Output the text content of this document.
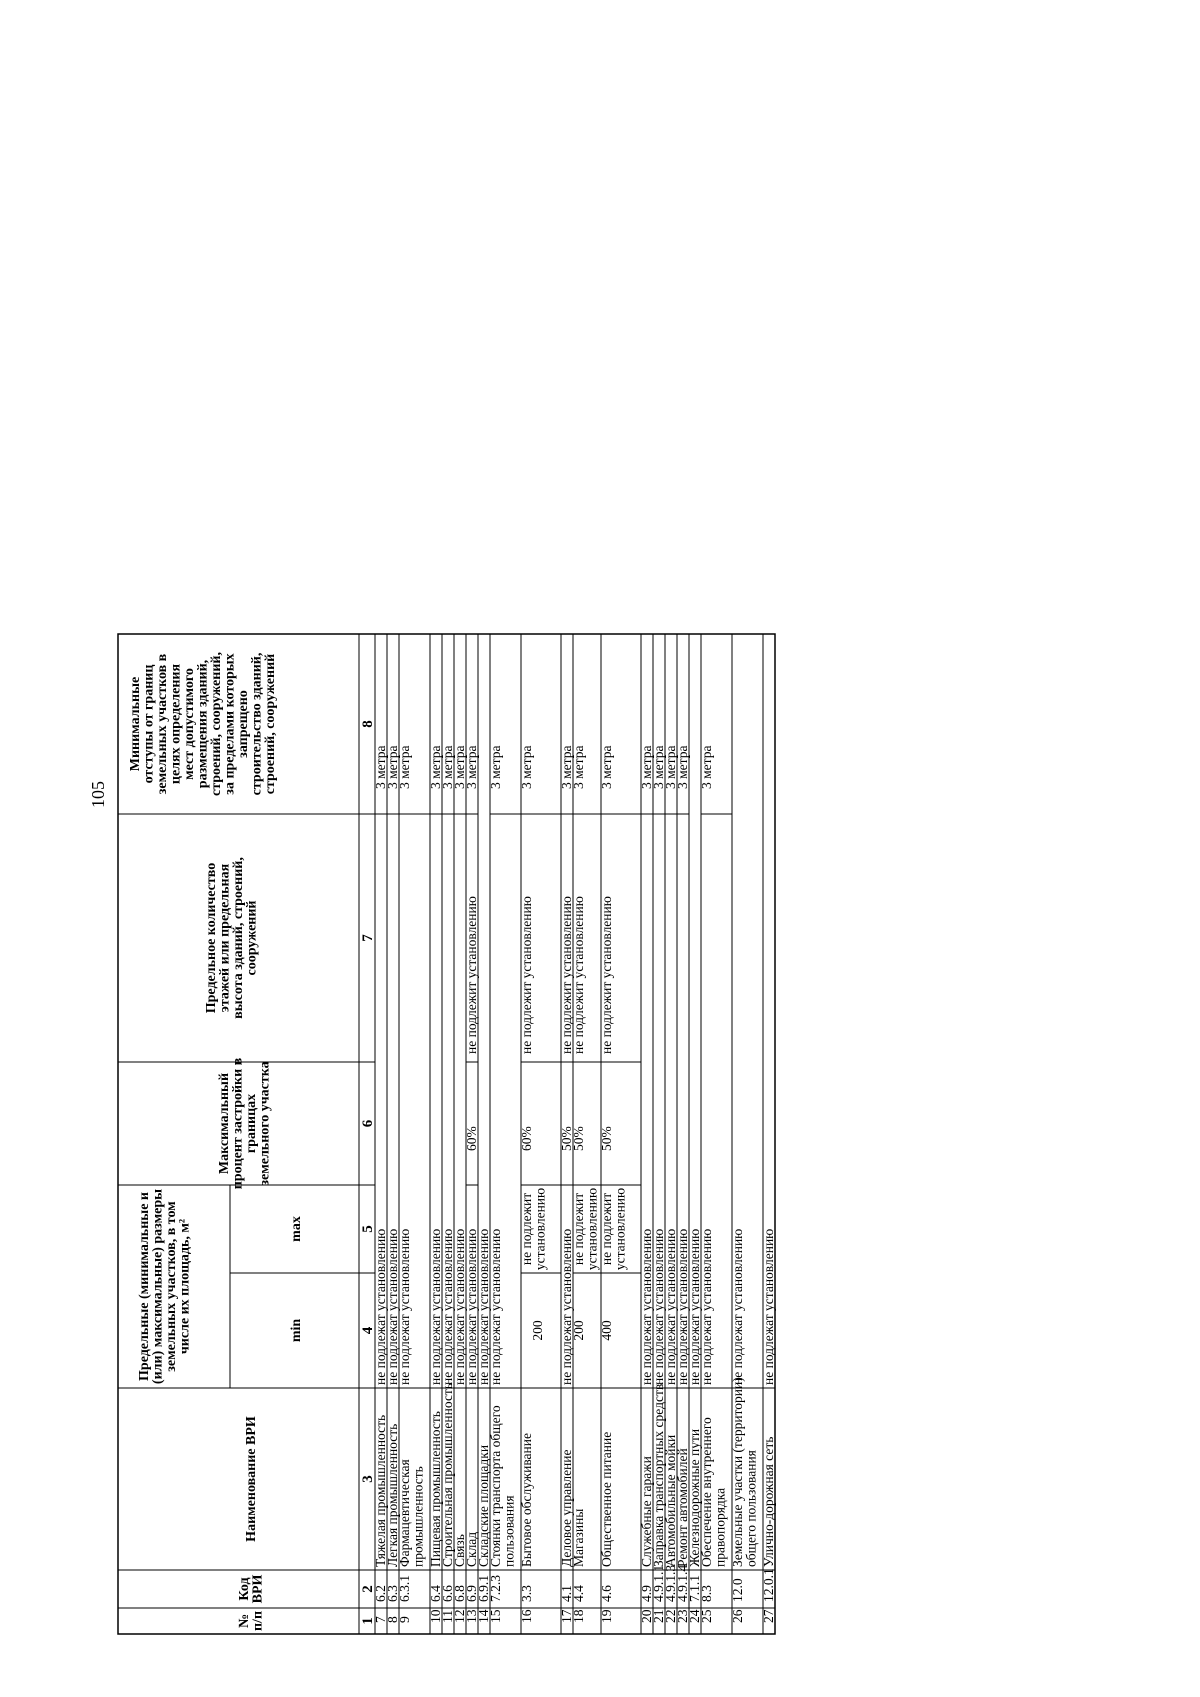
105
№
п/п
Код
ВРИ
Наименование ВРИ
Предельные (минимальные и
(или) максимальные) размеры
земельных участков, в том
числе их площадь, м²	min
max
Максимальный
процент застройки в
границах
земельного участка
Предельное количество
этажей или предельная
высота зданий, строений,
сооружений
Минимальные
отступы от границ
земельных участков в
целях определения
мест допустимого
размещения зданий,
строений, сооружений,
за пределами которых
запрещено
строительство зданий,
строений, сооружений
1
2
3
4
5
6
7
8
7
6.2
Тяжелая промышленность
не подлежат установлению
3 метра
8
6.3
Легкая промышленность
не подлежат установлению
3 метра
9
6.3.1
Фармацевтическая
промышленность
не подлежат установлению
3 метра
10
6.4
Пищевая промышленность
не подлежат установлению
3 метра
11
6.6
Строительная промышленность
не подлежат установлению
3 метра
12
6.8
Связь
не подлежат установлению
3 метра
13
6.9
Склад
не подлежат установлению
60%
не подлежит установлению
3 метра
14
6.9.1
Складские площадки
не подлежат установлению
15
7.2.3
Стоянки транспорта общего
пользования
не подлежат установлению
3 метра
16
3.3
Бытовое обслуживание
200
не подлежит
установлению
60%
не подлежит установлению
3 метра
17
4.1
Деловое управление
не подлежат установлению
50%
не подлежит установлению
3 метра
18
4.4
Магазины
200
не подлежит
установлению
50%
не подлежит установлению
3 метра
19
4.6
Общественное питание
400
не подлежит
установлению
50%
не подлежит установлению
3 метра
20
4.9
Служебные гаражи
не подлежат установлению
3 метра
21
4.9.1.1
Заправка транспортных средств
не подлежат установлению
3 метра
22
4.9.1.3
Автомобильные мойки
не подлежат установлению
3 метра
23
4.9.1.4
Ремонт автомобилей
не подлежат установлению
3 метра
24
7.1.1
Железнодорожные пути
не подлежат установлению
25
8.3
Обеспечение внутреннего
правопорядка
не подлежат установлению
3 метра
26
12.0
Земельные участки (территории)
общего пользования
не подлежат установлению
27
12.0.1
Улично-дорожная сеть
не подлежат установлению
